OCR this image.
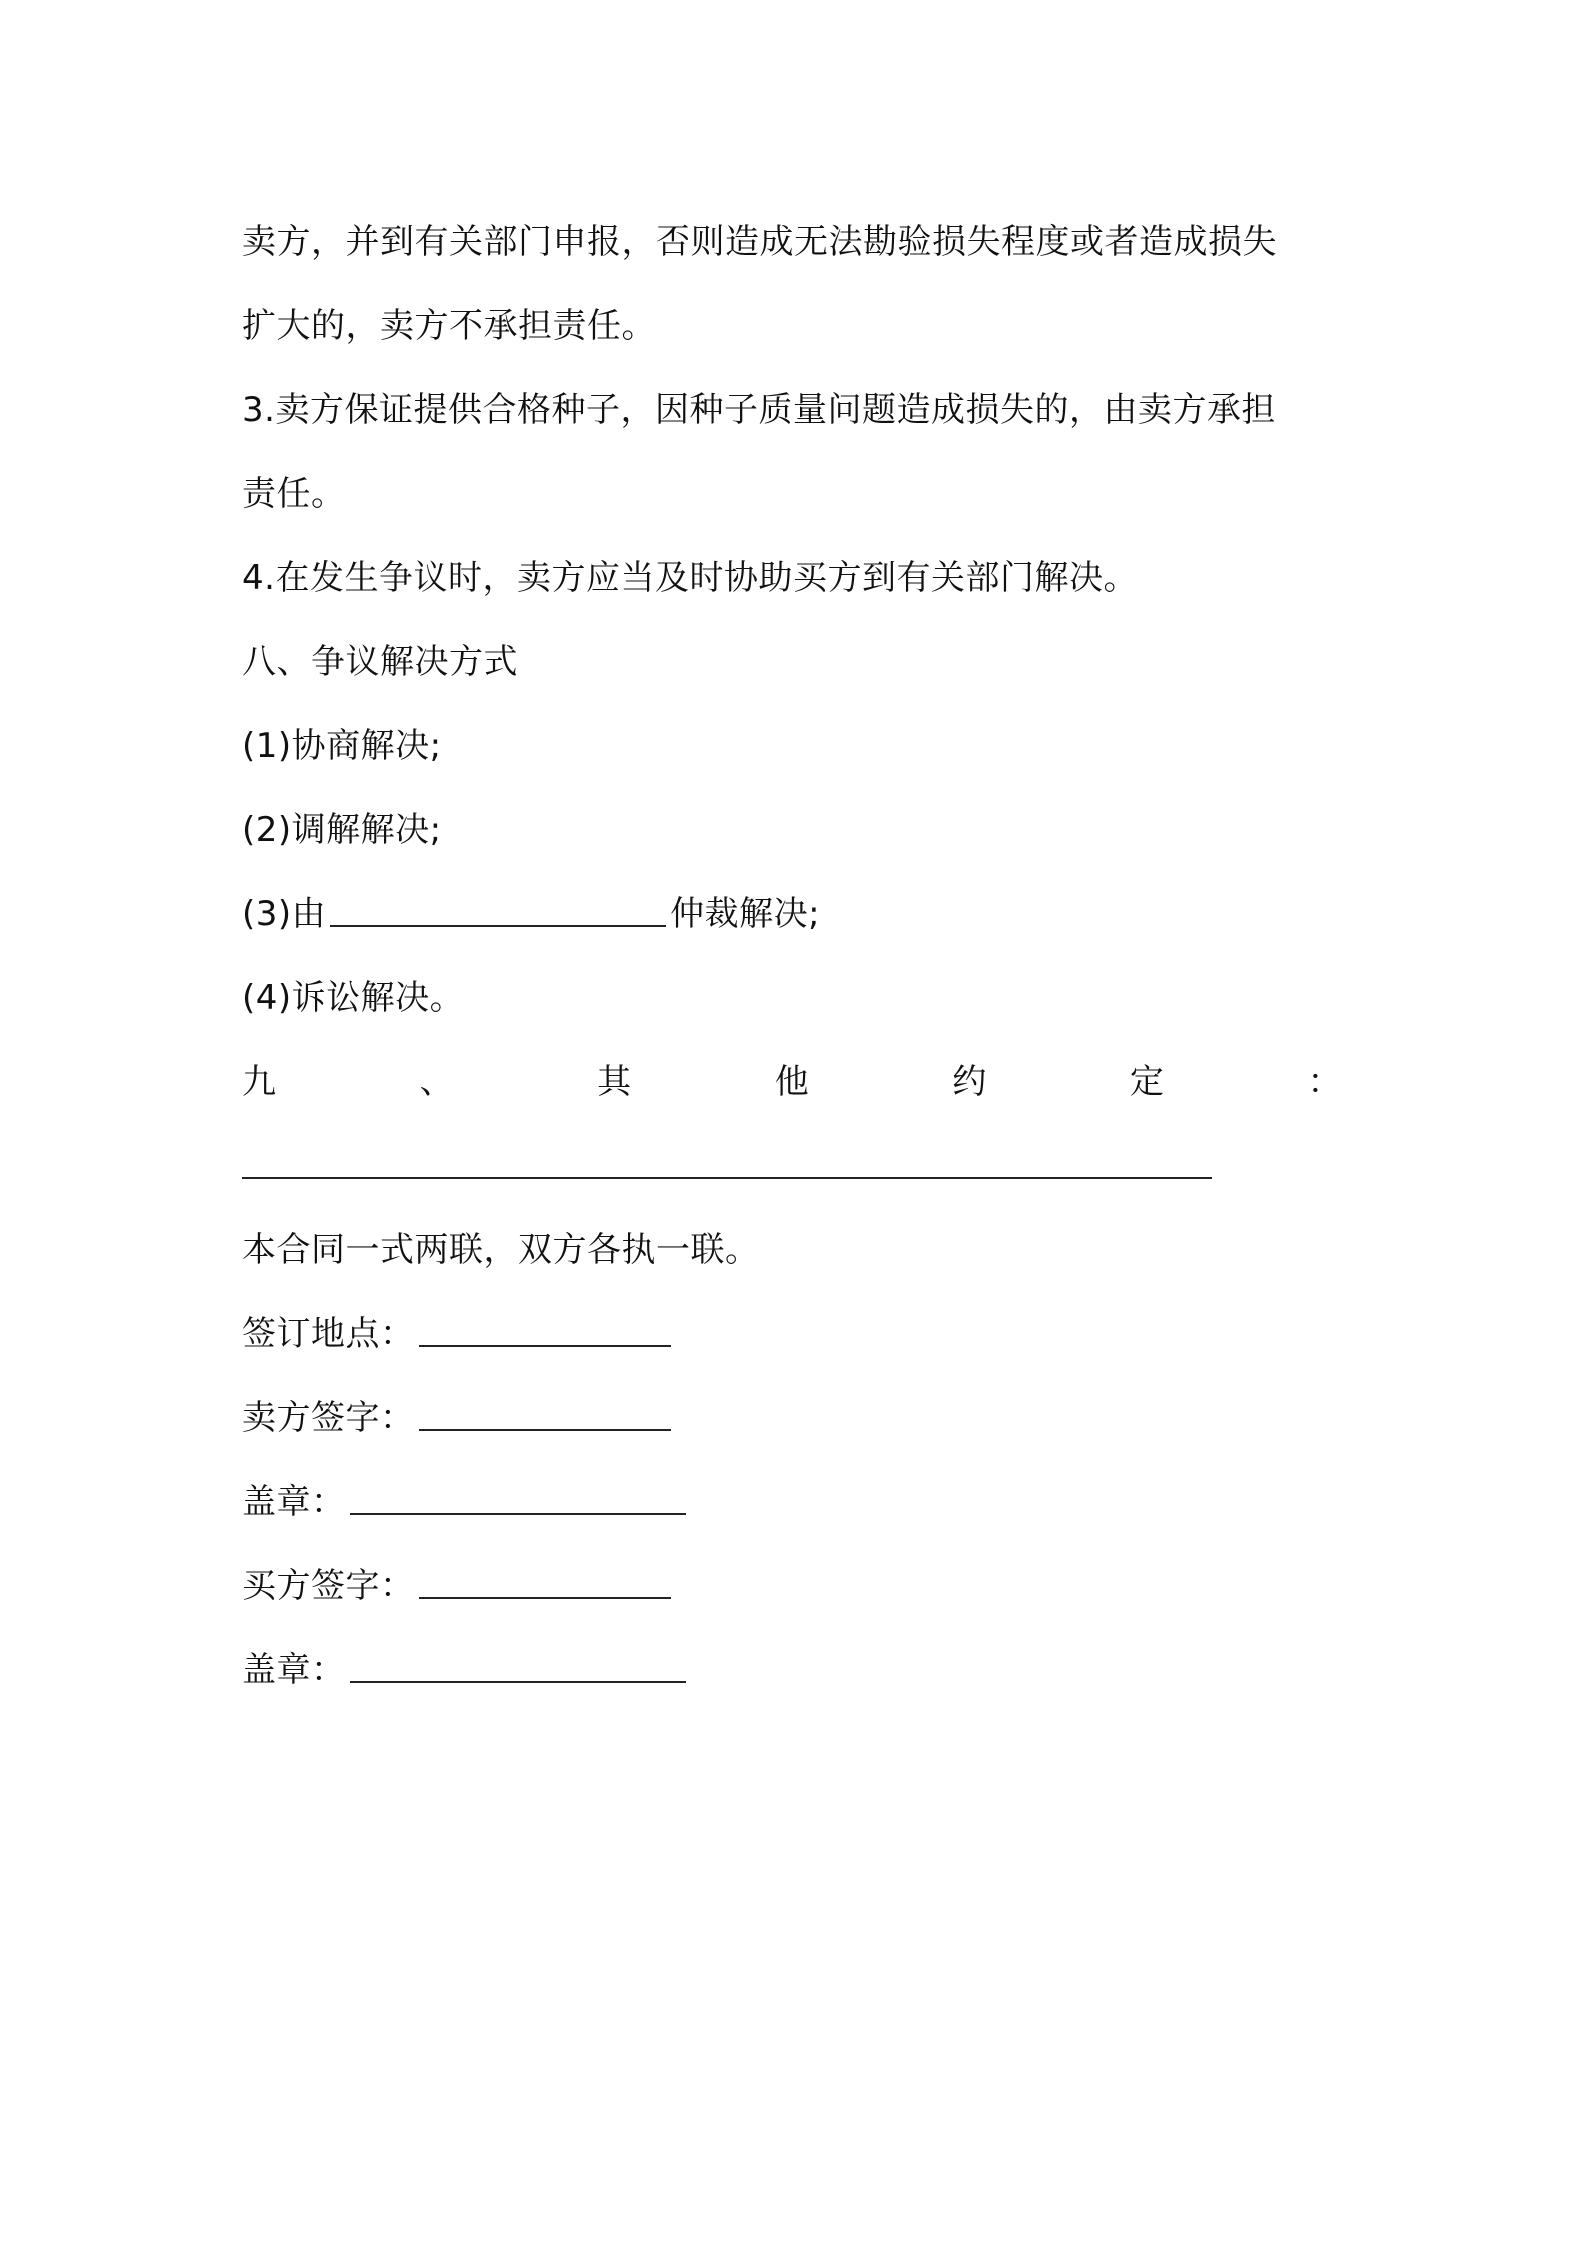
卖方，并到有关部门申报，否则造成无法勘验损失程度或者造成损失
扩大的，卖方不承担责任。
3.卖方保证提供合格种子，因种子质量问题造成损失的，由卖方承担
责任。
4.在发生争议时，卖方应当及时协助买方到有关部门解决。
八、争议解决方式
(1)协商解决;
(2)调解解决;
(3)由	仲裁解决;
(4)诉讼解决。
九	、	其	他	约	定	：
本合同一式两联，双方各执一联。
签订地点：
卖方签字：
盖章：
买方签字：
盖章：
